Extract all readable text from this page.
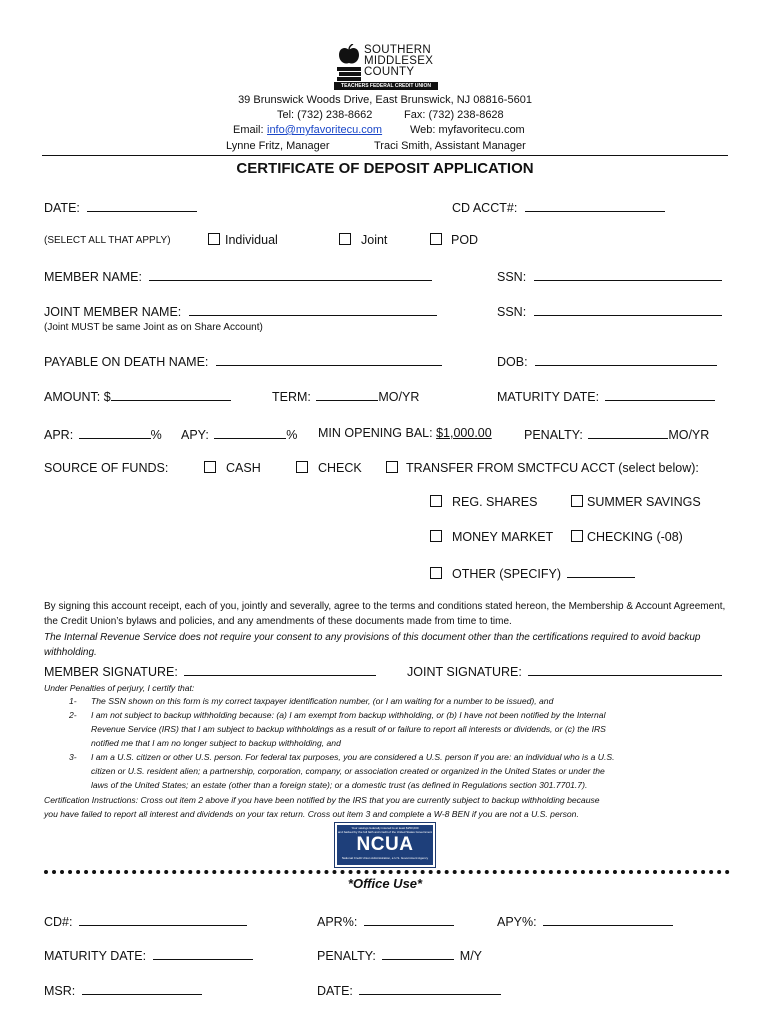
SOUTHERN
MIDDLESEX
COUNTY
TEACHERS FEDERAL CREDIT UNION
39 Brunswick Woods Drive, East Brunswick, NJ 08816-5601
Tel: (732) 238-8662	Fax: (732) 238-8628
Email: info@myfavoritecu.com	Web: myfavoritecu.com
Lynne Fritz, Manager	Traci Smith, Assistant Manager
CERTIFICATE OF DEPOSIT APPLICATION
DATE:	CD ACCT#:
(SELECT ALL THAT APPLY)	Individual	Joint	POD
MEMBER NAME:	SSN:
JOINT MEMBER NAME:	SSN:
(Joint MUST be same Joint as on Share Account)
PAYABLE ON DEATH NAME:	DOB:
AMOUNT: $	TERM:	MO/YR	MATURITY DATE:
APR:	% APY:	% MIN OPENING BAL: $1,000.00	PENALTY:	MO/YR
SOURCE OF FUNDS:	CASH	CHECK	TRANSFER FROM SMCTFCU ACCT (select below):
REG. SHARES	SUMMER SAVINGS
MONEY MARKET	CHECKING (-08)
OTHER (SPECIFY)
By signing this account receipt, each of you, jointly and severally, agree to the terms and conditions stated hereon, the Membership & Account Agreement, the Credit Union’s bylaws and policies, and any amendments of these documents made from time to time.
The Internal Revenue Service does not require your consent to any provisions of this document other than the certifications required to avoid backup withholding.
MEMBER SIGNATURE:	JOINT SIGNATURE:
Under Penalties of perjury, I certify that:
1- The SSN shown on this form is my correct taxpayer identification number, (or I am waiting for a number to be issued), and
2- I am not subject to backup withholding because: (a) I am exempt from backup withholding, or (b) I have not been notified by the Internal
Revenue Service (IRS) that I am subject to backup withholdings as a result of or failure to report all interests or dividends, or (c) the IRS
notified me that I am no longer subject to backup withholding, and
3- I am a U.S. citizen or other U.S. person. For federal tax purposes, you are considered a U.S. person if you are: an individual who is a U.S.
citizen or U.S. resident alien; a partnership, corporation, company, or association created or organized in the United States or under the
laws of the United States; an estate (other than a foreign state); or a domestic trust (as defined in Regulations section 301.7701.7).
Certification Instructions: Cross out item 2 above if you have been notified by the IRS that you are currently subject to backup withholding because
you have failed to report all interest and dividends on your tax return. Cross out item 3 and complete a W-8 BEN if you are not a U.S. person.
Your savings federally insured to at least $250,000
and backed by the full faith and credit of the United States Government
NCUA
National Credit Union Administration, a U.S. Government Agency
*Office Use*
CD#:	APR%:	APY%:
MATURITY DATE:	PENALTY:	M/Y
MSR:	DATE:
